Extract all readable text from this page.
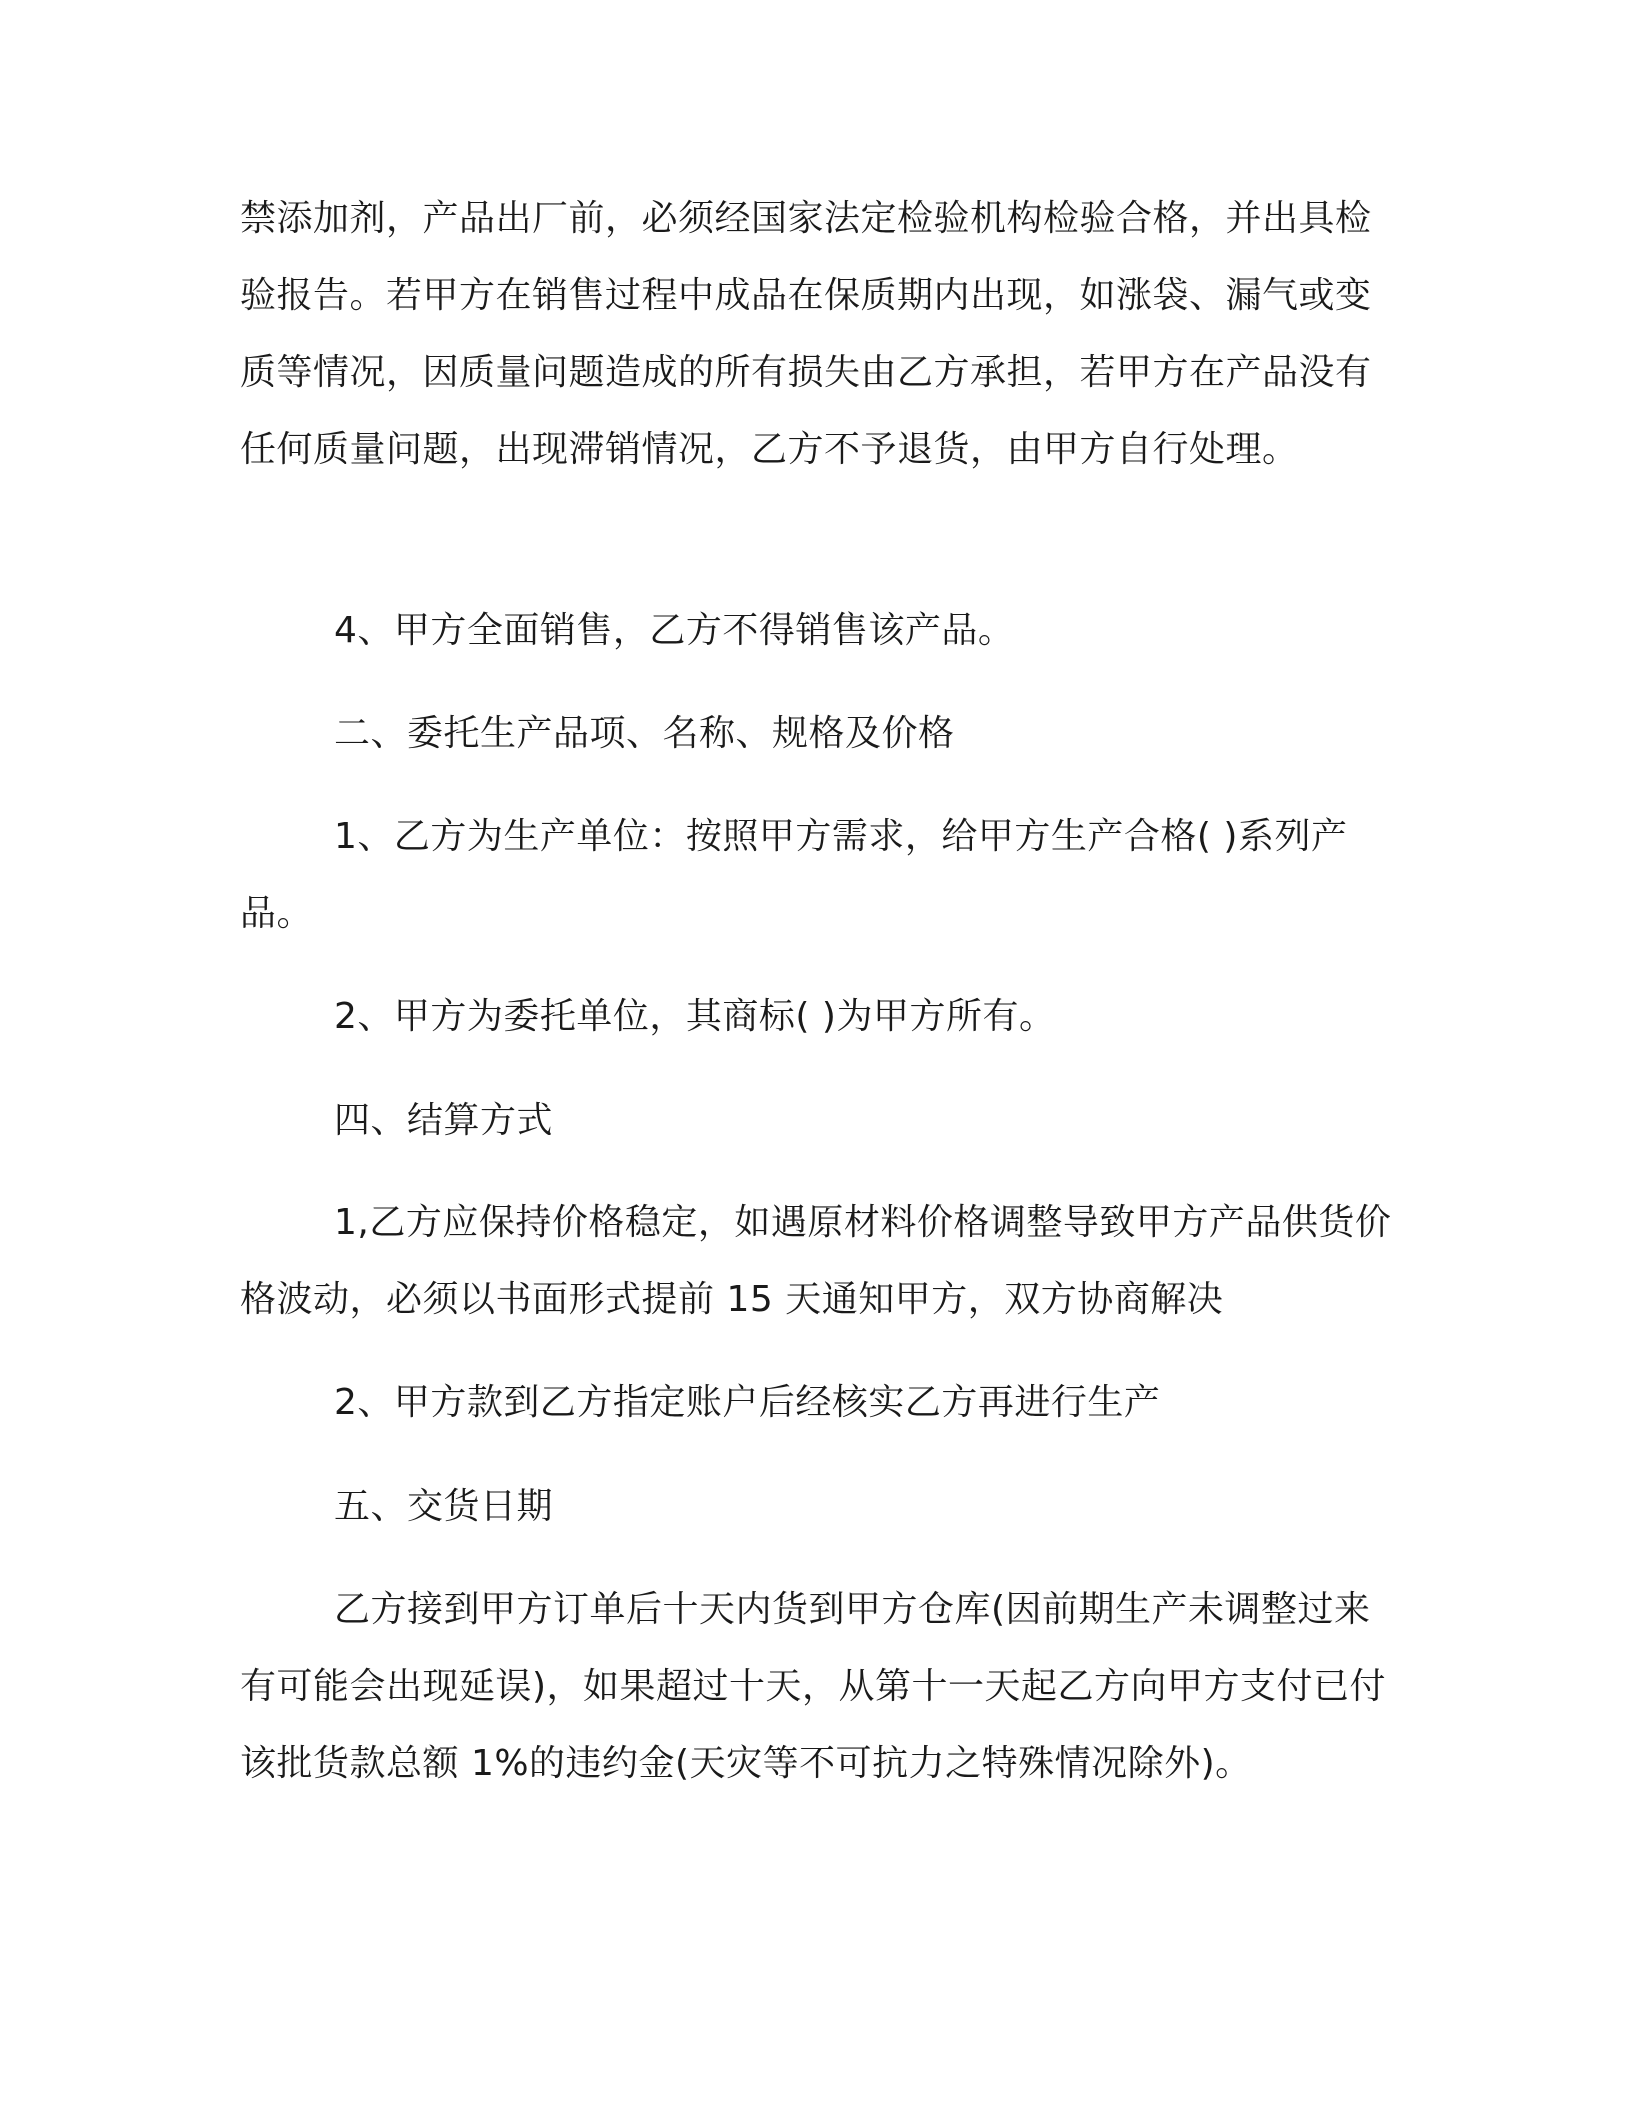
禁添加剂，产品出厂前，必须经国家法定检验机构检验合格，并出具检验报告。若甲方在销售过程中成品在保质期内出现，如涨袋、漏气或变质等情况，因质量问题造成的所有损失由乙方承担，若甲方在产品没有任何质量问题，出现滞销情况，乙方不予退货，由甲方自行处理。

4、甲方全面销售，乙方不得销售该产品。

二、委托生产品项、名称、规格及价格

1、乙方为生产单位：按照甲方需求，给甲方生产合格( )系列产品。

2、甲方为委托单位，其商标( )为甲方所有。

四、结算方式

1,乙方应保持价格稳定，如遇原材料价格调整导致甲方产品供货价格波动，必须以书面形式提前 15 天通知甲方，双方协商解决

2、甲方款到乙方指定账户后经核实乙方再进行生产

五、交货日期

乙方接到甲方订单后十天内货到甲方仓库(因前期生产未调整过来有可能会出现延误)，如果超过十天，从第十一天起乙方向甲方支付已付该批货款总额 1%的违约金(天灾等不可抗力之特殊情况除外)。
